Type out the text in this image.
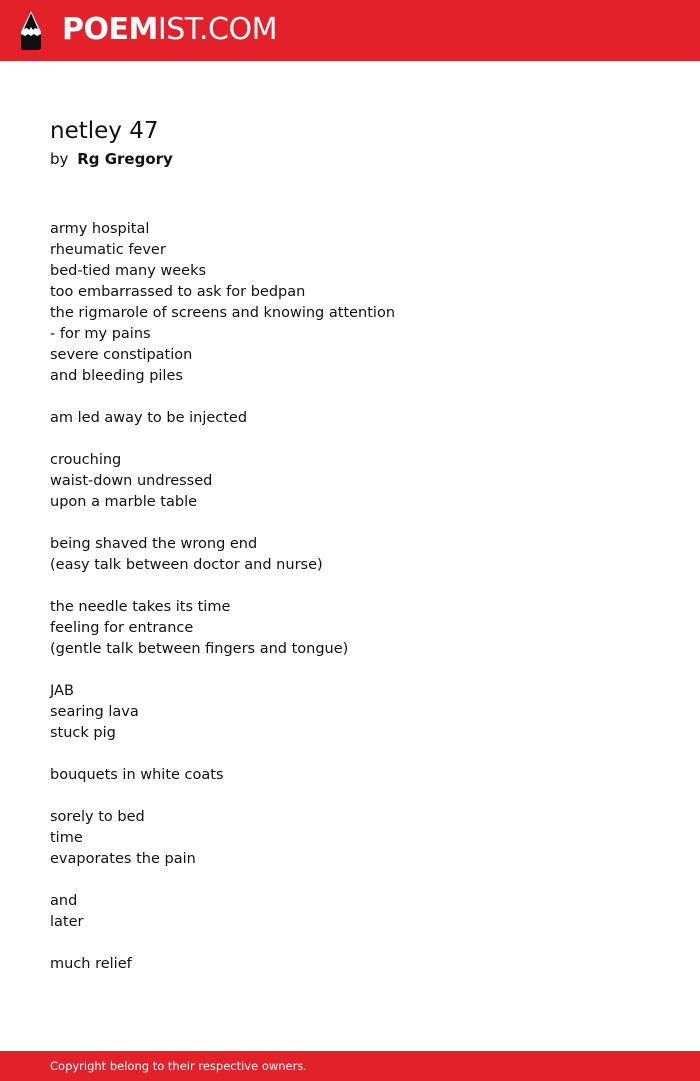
POEMIST.COM
netley 47
by Rg Gregory
army hospital
rheumatic fever
bed-tied many weeks
too embarrassed to ask for bedpan
the rigmarole of screens and knowing attention
- for my pains
severe constipation
and bleeding piles
am led away to be injected
crouching
waist-down undressed
upon a marble table
being shaved the wrong end
(easy talk between doctor and nurse)
the needle takes its time
feeling for entrance
(gentle talk between fingers and tongue)
JAB
searing lava
stuck pig
bouquets in white coats
sorely to bed
time
evaporates the pain
and
later
much relief
Copyright belong to their respective owners.
